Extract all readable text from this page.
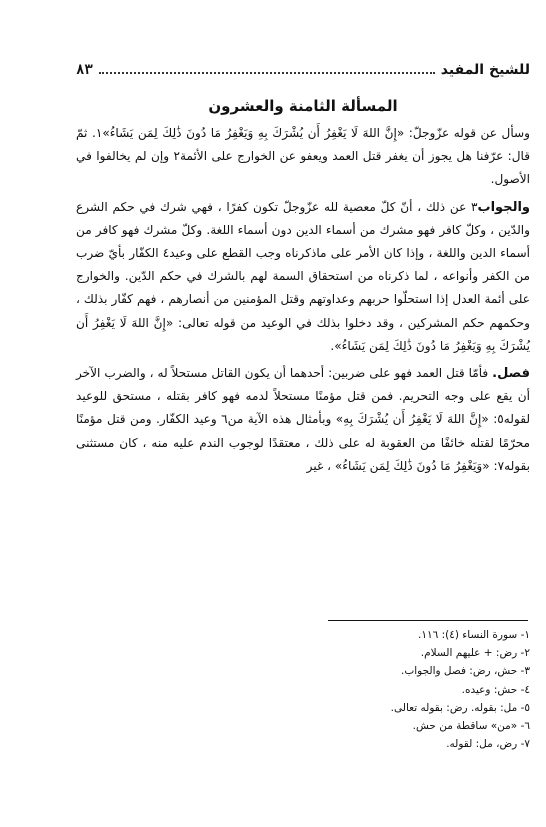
للشيخ المفيد
٨٣
المسألة الثامنة والعشرون

وسأل عن قوله عزّوجلّ: «إِنَّ اللهَ لَا يَغْفِرُ أَن يُشْرَكَ بِهِ وَيَغْفِرُ مَا دُونَ ذَٰلِكَ لِمَن يَشَاءُ»١. ثمّ قال: عرّفنا هل يجوز أن يغفر قتل العمد ويعفو عن الخوارج على الأئمة٢ وإن لم يخالفوا في الأصول.

والجواب٣ عن ذلك ، أنّ كلّ معصية لله عزّوجلّ تكون كفرًا ، فهي شرك في حكم الشرع والدّين ، وكلّ كافر فهو مشرك من أسماء الدين دون أسماء اللغة. وكلّ مشرك فهو كافر من أسماء الدين واللغة ، وإذا كان الأمر على ماذكرناه وجب القطع على وعيد٤ الكفّار بأيّ ضرب من الكفر وأنواعه ، لما ذكرناه من استحقاق السمة لهم بالشرك في حكم الدّين. والخوارج على أئمة العدل إذا استحلّوا حربهم وعداوتهم وقتل المؤمنين من أنصارهم ، فهم كفّار بذلك ، وحكمهم حكم المشركين ، وقد دخلوا بذلك في الوعيد من قوله تعالى: «إِنَّ اللهَ لَا يَغْفِرُ أَن يُشْرَكَ بِهِ وَيَغْفِرُ مَا دُونَ ذَٰلِكَ لِمَن يَشَاءُ».

فصل. فأمّا قتل العمد فهو على ضربين: أحدهما أن يكون القاتل مستحلاً له ، والضرب الآخر أن يقع على وجه التحريم. فمن قتل مؤمنًا مستحلاً لدمه فهو كافر بقتله ، مستحق للوعيد لقوله٥: «إِنَّ اللهَ لَا يَغْفِرُ أَن يُشْرَكَ بِهِ» وبأمثال هذه الآية من٦ وعيد الكفّار. ومن قتل مؤمنًا محرّمًا لقتله خائفًا من العقوبة له على ذلك ، معتقدًا لوجوب الندم عليه منه ، كان مستثنى بقوله٧: «وَيَغْفِرُ مَا دُونَ ذَٰلِكَ لِمَن يَشَاءُ» ، غير

١- سورة النساء (٤): ١١٦.
٢- رض: + عليهم السلام.
٣- حش، رض: فصل والجواب.
٤- حش: وعيده.
٥- مل: بقوله. رض: بقوله تعالى.
٦- «من» ساقطة من حش.
٧- رض، مل: لقوله.
